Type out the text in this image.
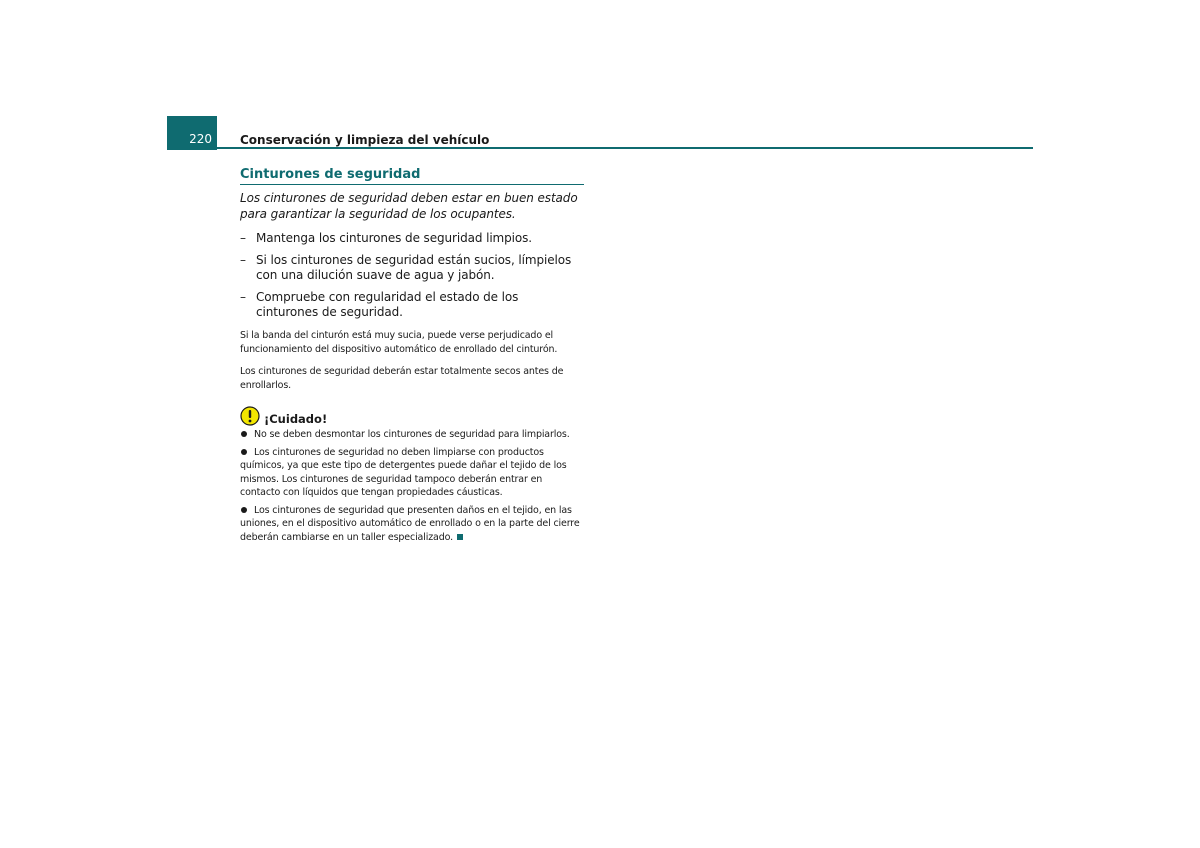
220 Conservación y limpieza del vehículo
Cinturones de seguridad

Los cinturones de seguridad deben estar en buen estado para garantizar la seguridad de los ocupantes.

– Mantenga los cinturones de seguridad limpios.
– Si los cinturones de seguridad están sucios, límpielos con una dilución suave de agua y jabón.
– Compruebe con regularidad el estado de los cinturones de seguridad.

Si la banda del cinturón está muy sucia, puede verse perjudicado el funcionamiento del dispositivo automático de enrollado del cinturón.

Los cinturones de seguridad deberán estar totalmente secos antes de enrollarlos.

¡Cuidado!
No se deben desmontar los cinturones de seguridad para limpiarlos.
Los cinturones de seguridad no deben limpiarse con productos químicos, ya que este tipo de detergentes puede dañar el tejido de los mismos. Los cinturones de seguridad tampoco deberán entrar en contacto con líquidos que tengan propiedades cáusticas.
Los cinturones de seguridad que presenten daños en el tejido, en las uniones, en el dispositivo automático de enrollado o en la parte del cierre deberán cambiarse en un taller especializado.
